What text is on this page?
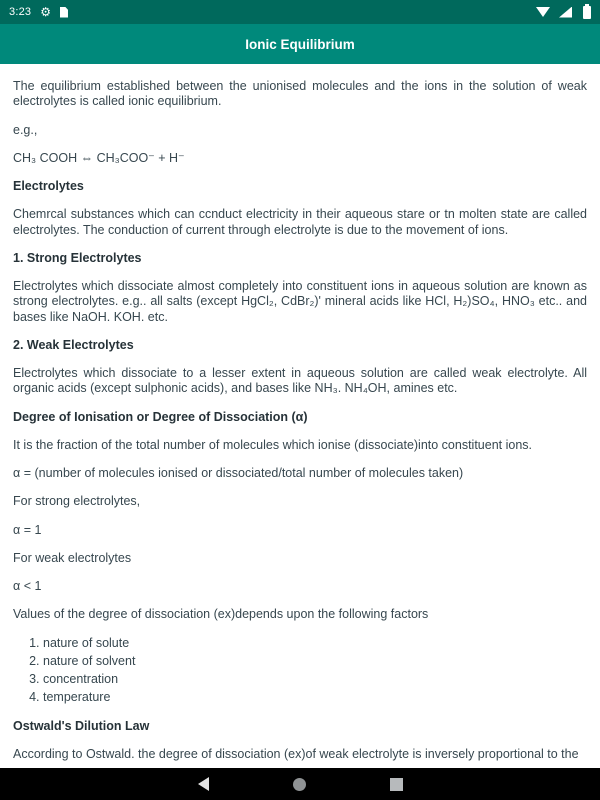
3:23 ⚙
Ionic Equilibrium

The equilibrium established between the unionised molecules and the ions in the solution of weak electrolytes is called ionic equilibrium.

e.g.,

CH₃ COOH ⇔ CH₃COO⁻ + H⁻

Electrolytes

Chemrcal substances which can ccnduct electricity in their aqueous stare or tn molten state are called electrolytes. The conduction of current through electrolyte is due to the movement of ions.

1. Strong Electrolytes

Electrolytes which dissociate almost completely into constituent ions in aqueous solution are known as strong electrolytes. e.g.. all salts (except HgCl₂, CdBr₂)' mineral acids like HCl, H₂)SO₄, HNO₃ etc.. and bases like NaOH. KOH. etc.

2. Weak Electrolytes

Electrolytes which dissociate to a lesser extent in aqueous solution are called weak electrolyte. All organic acids (except sulphonic acids), and bases like NH₃. NH₄OH, amines etc.

Degree of Ionisation or Degree of Dissociation (α)

It is the fraction of the total number of molecules which ionise (dissociate)into constituent ions.

α = (number of molecules ionised or dissociated/total number of molecules taken)

For strong electrolytes,

α = 1

For weak electrolytes

α < 1

Values of the degree of dissociation (ex)depends upon the following factors

1. nature of solute
2. nature of solvent
3. concentration
4. temperature
Ostwald's Dilution Law

According to Ostwald. the degree of dissociation (ex)of weak electrolyte is inversely proportional to the
